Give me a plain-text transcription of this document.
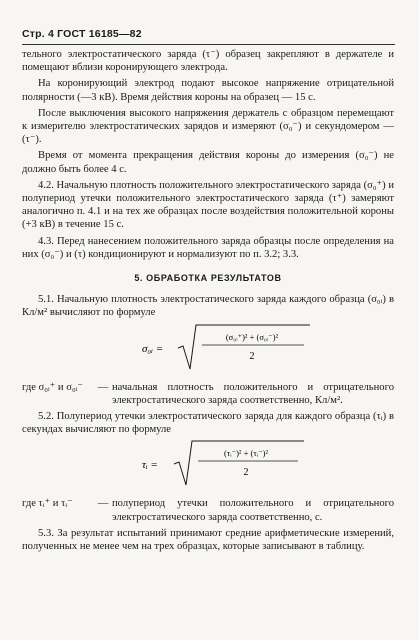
Стр. 4 ГОСТ 16185—82

тельного электростатического заряда (τ⁻) образец закрепляют в держателе и помещают вблизи коронирующего электрода.

На коронирующий электрод подают высокое напряжение отрицательной полярности (—3 кВ). Время действия короны на образец — 15 с.

После выключения высокого напряжения держатель с образцом перемещают к измерителю электростатических зарядов и измеряют (σ₀⁻) и секундомером — (τ⁻).

Время от момента прекращения действия короны до измерения (σ₀⁻) не должно быть более 4 с.

4.2. Начальную плотность положительного электростатического заряда (σ₀⁺) и полупериод утечки положительного электростатического заряда (τ⁺) замеряют аналогично п. 4.1 и на тех же образцах после воздействия положительной короны (+3 кВ) в течение 15 с.

4.3. Перед нанесением положительного заряда образцы после определения на них (σ₀⁻) и (τ) кондиционируют и нормализуют по п. 3.2; 3.3.

5. ОБРАБОТКА РЕЗУЛЬТАТОВ

5.1. Начальную плотность электростатического заряда каждого образца (σ₀ᵢ) в Кл/м² вычисляют по формуле

σ₀ᵢ =
(σ₀ᵢ⁺)² + (σ₀ᵢ⁻)²
2
где σ₀ᵢ⁺ и σ₀ᵢ⁻	— начальная плотность положительного и отрицательного электростатического заряда соответственно, Кл/м².

5.2. Полупериод утечки электростатического заряда для каждого образца (τᵢ) в секундах вычисляют по формуле

τᵢ =
(τᵢ⁻)² + (τᵢ⁻)²
2
где τᵢ⁺ и τᵢ⁻	— полупериод утечки положительного и отрицательного электростатического заряда соответственно, с.

5.3. За результат испытаний принимают средние арифметические измерений, полученных не менее чем на трех образцах, которые записывают в таблицу.
